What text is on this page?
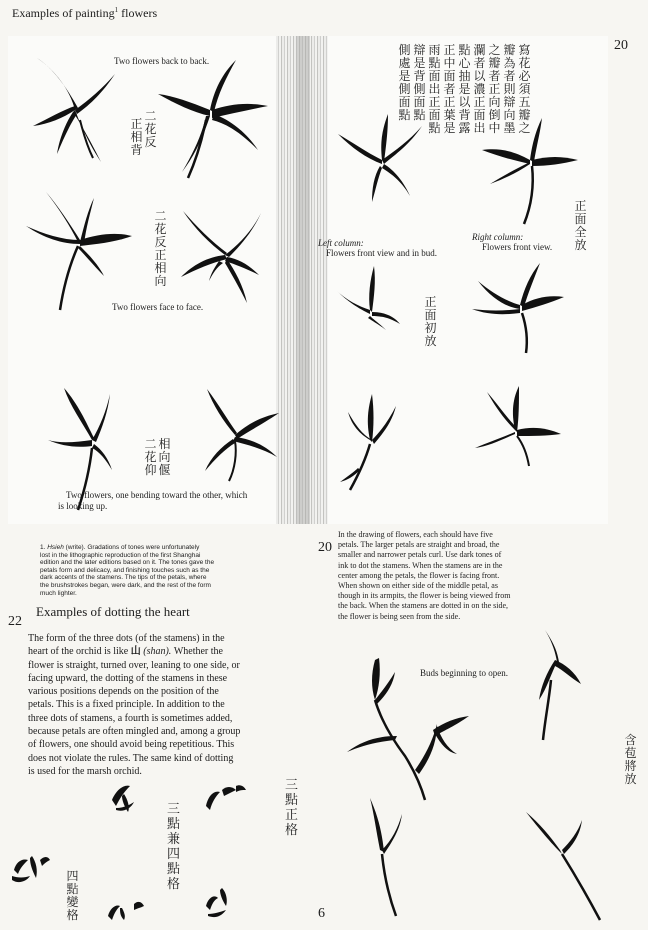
Examples of painting$^1$ flowers
20
Two flowers back to back.
正相背
二花反
二花反正相向
Two flowers face to face.
二花仰
相向偃
Two flowers, one bending toward the other, which
is looking up.
寫花必須五瓣之
瓣為者則辯向墨
之瓣者正向倒中
瀾者以濃正面出
點心抽是以背露
正中面者正葉是
雨點面出正面點
辯是背側面點
側處是側面點
Left column:
Flowers front view and in bud.
Right column:
Flowers front view.
正面全放
正面初放
1. Hsieh (write). Gradations of tones were unfortunately
lost in the lithographic reproduction of the first Shanghai
edition and the later editions based on it. The tones gave the
petals form and delicacy, and finishing touches such as the
dark accents of the stamens. The tips of the petals, where
the brushstrokes began, were dark, and the rest of the form
much lighter.
20
In the drawing of flowers, each should have five
petals. The larger petals are straight and broad, the
smaller and narrower petals curl. Use dark tones of
ink to dot the stamens. When the stamens are in the
center among the petals, the flower is facing front.
When shown on either side of the middle petal, as
though in its armpits, the flower is being viewed from
the back. When the stamens are dotted in on the side,
the flower is being seen from the side.
22
Examples of dotting the heart
The form of the three dots (of the stamens) in the
heart of the orchid is like 山 (shan). Whether the
flower is straight, turned over, leaning to one side, or
facing upward, the dotting of the stamens in these
various positions depends on the position of the
petals. This is a fixed principle. In addition to the
three dots of stamens, a fourth is sometimes added,
because petals are often mingled and, among a group
of flowers, one should avoid being repetitious. This
does not violate the rules. The same kind of dotting
is used for the marsh orchid.
三點正格
三點兼四點格
四點變格
Buds beginning to open.
含苞將放
6
